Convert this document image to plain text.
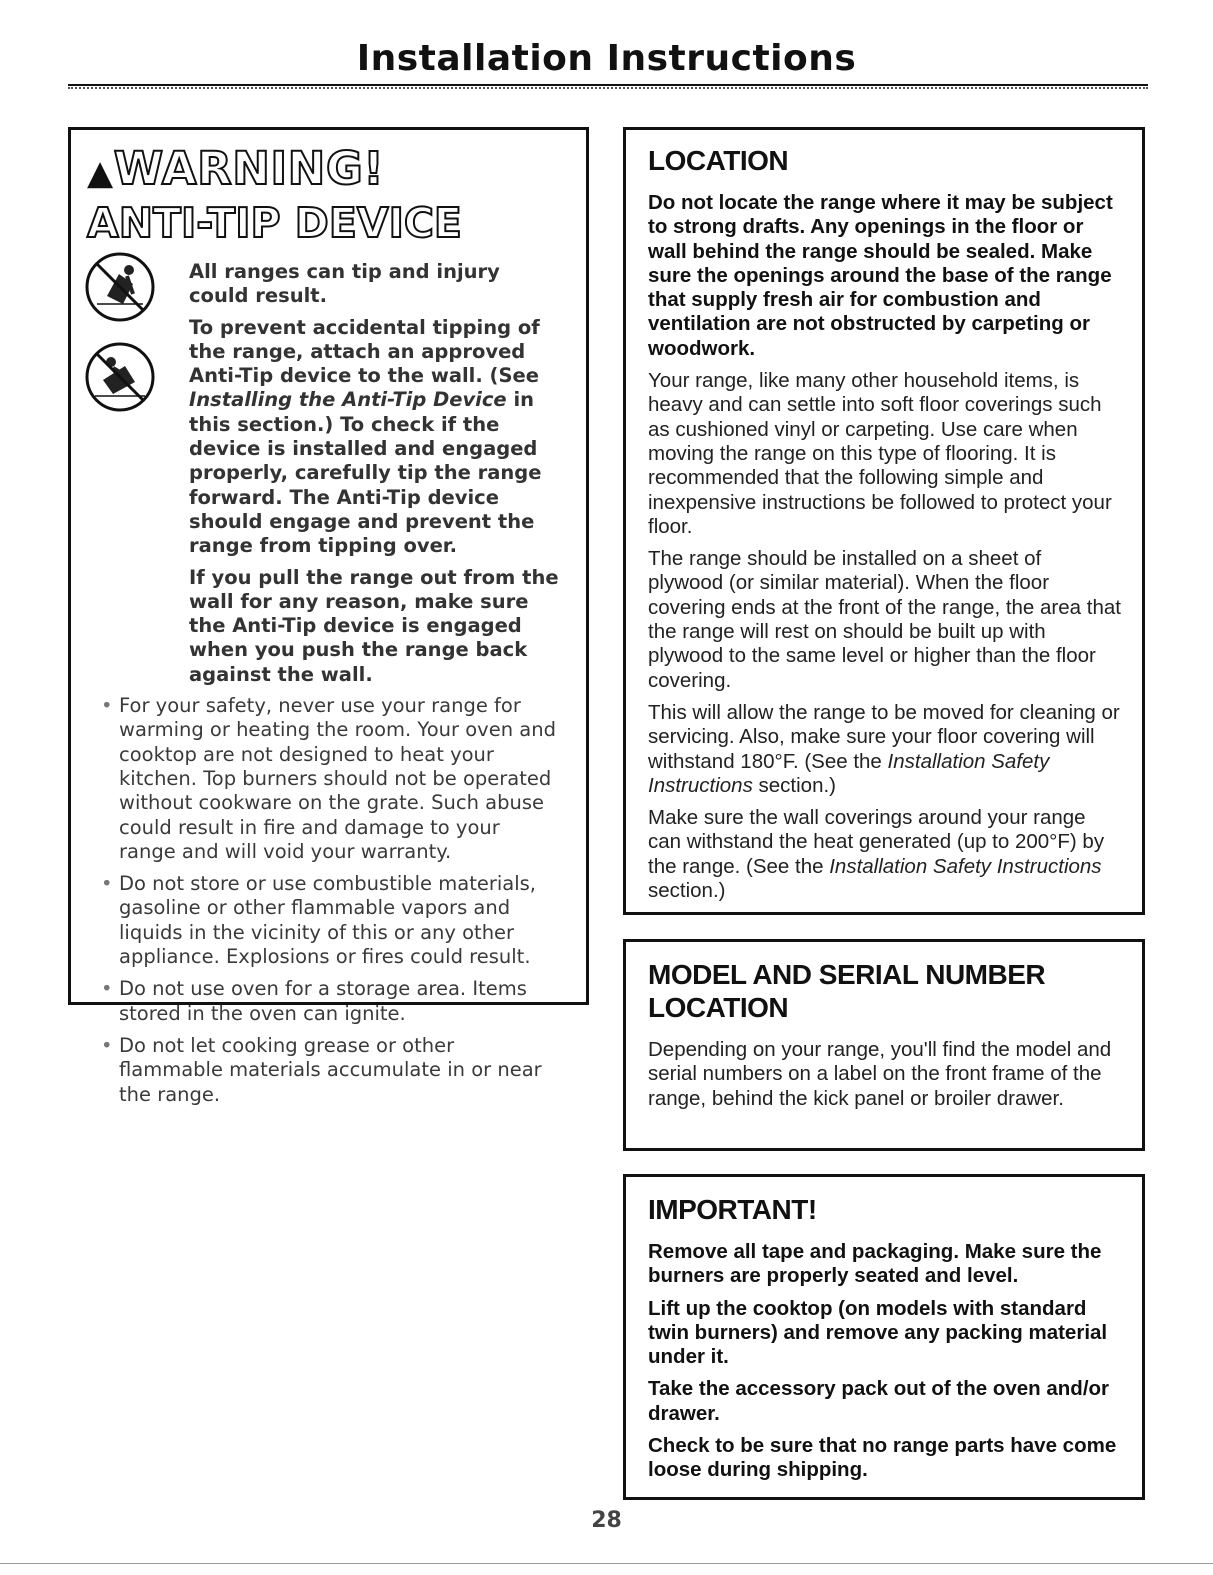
Installation Instructions
▲WARNING!
ANTI-TIP DEVICE

All ranges can tip and injury could result.

To prevent accidental tipping of the range, attach an approved Anti-Tip device to the wall. (See Installing the Anti-Tip Device in this section.) To check if the device is installed and engaged properly, carefully tip the range forward. The Anti-Tip device should engage and prevent the range from tipping over.

If you pull the range out from the wall for any reason, make sure the Anti-Tip device is engaged when you push the range back against the wall.

• For your safety, never use your range for warming or heating the room. Your oven and cooktop are not designed to heat your kitchen. Top burners should not be operated without cookware on the grate. Such abuse could result in fire and damage to your range and will void your warranty.
• Do not store or use combustible materials, gasoline or other flammable vapors and liquids in the vicinity of this or any other appliance. Explosions or fires could result.
• Do not use oven for a storage area. Items stored in the oven can ignite.
• Do not let cooking grease or other flammable materials accumulate in or near the range.
LOCATION

Do not locate the range where it may be subject to strong drafts. Any openings in the floor or wall behind the range should be sealed. Make sure the openings around the base of the range that supply fresh air for combustion and ventilation are not obstructed by carpeting or woodwork.

Your range, like many other household items, is heavy and can settle into soft floor coverings such as cushioned vinyl or carpeting. Use care when moving the range on this type of flooring. It is recommended that the following simple and inexpensive instructions be followed to protect your floor.

The range should be installed on a sheet of plywood (or similar material). When the floor covering ends at the front of the range, the area that the range will rest on should be built up with plywood to the same level or higher than the floor covering.

This will allow the range to be moved for cleaning or servicing. Also, make sure your floor covering will withstand 180°F. (See the Installation Safety Instructions section.)

Make sure the wall coverings around your range can withstand the heat generated (up to 200°F) by the range. (See the Installation Safety Instructions section.)

MODEL AND SERIAL NUMBER
LOCATION

Depending on your range, you'll find the model and serial numbers on a label on the front frame of the range, behind the kick panel or broiler drawer.

IMPORTANT!

Remove all tape and packaging. Make sure the burners are properly seated and level.

Lift up the cooktop (on models with standard twin burners) and remove any packing material under it.

Take the accessory pack out of the oven and/or drawer.

Check to be sure that no range parts have come loose during shipping.

28
